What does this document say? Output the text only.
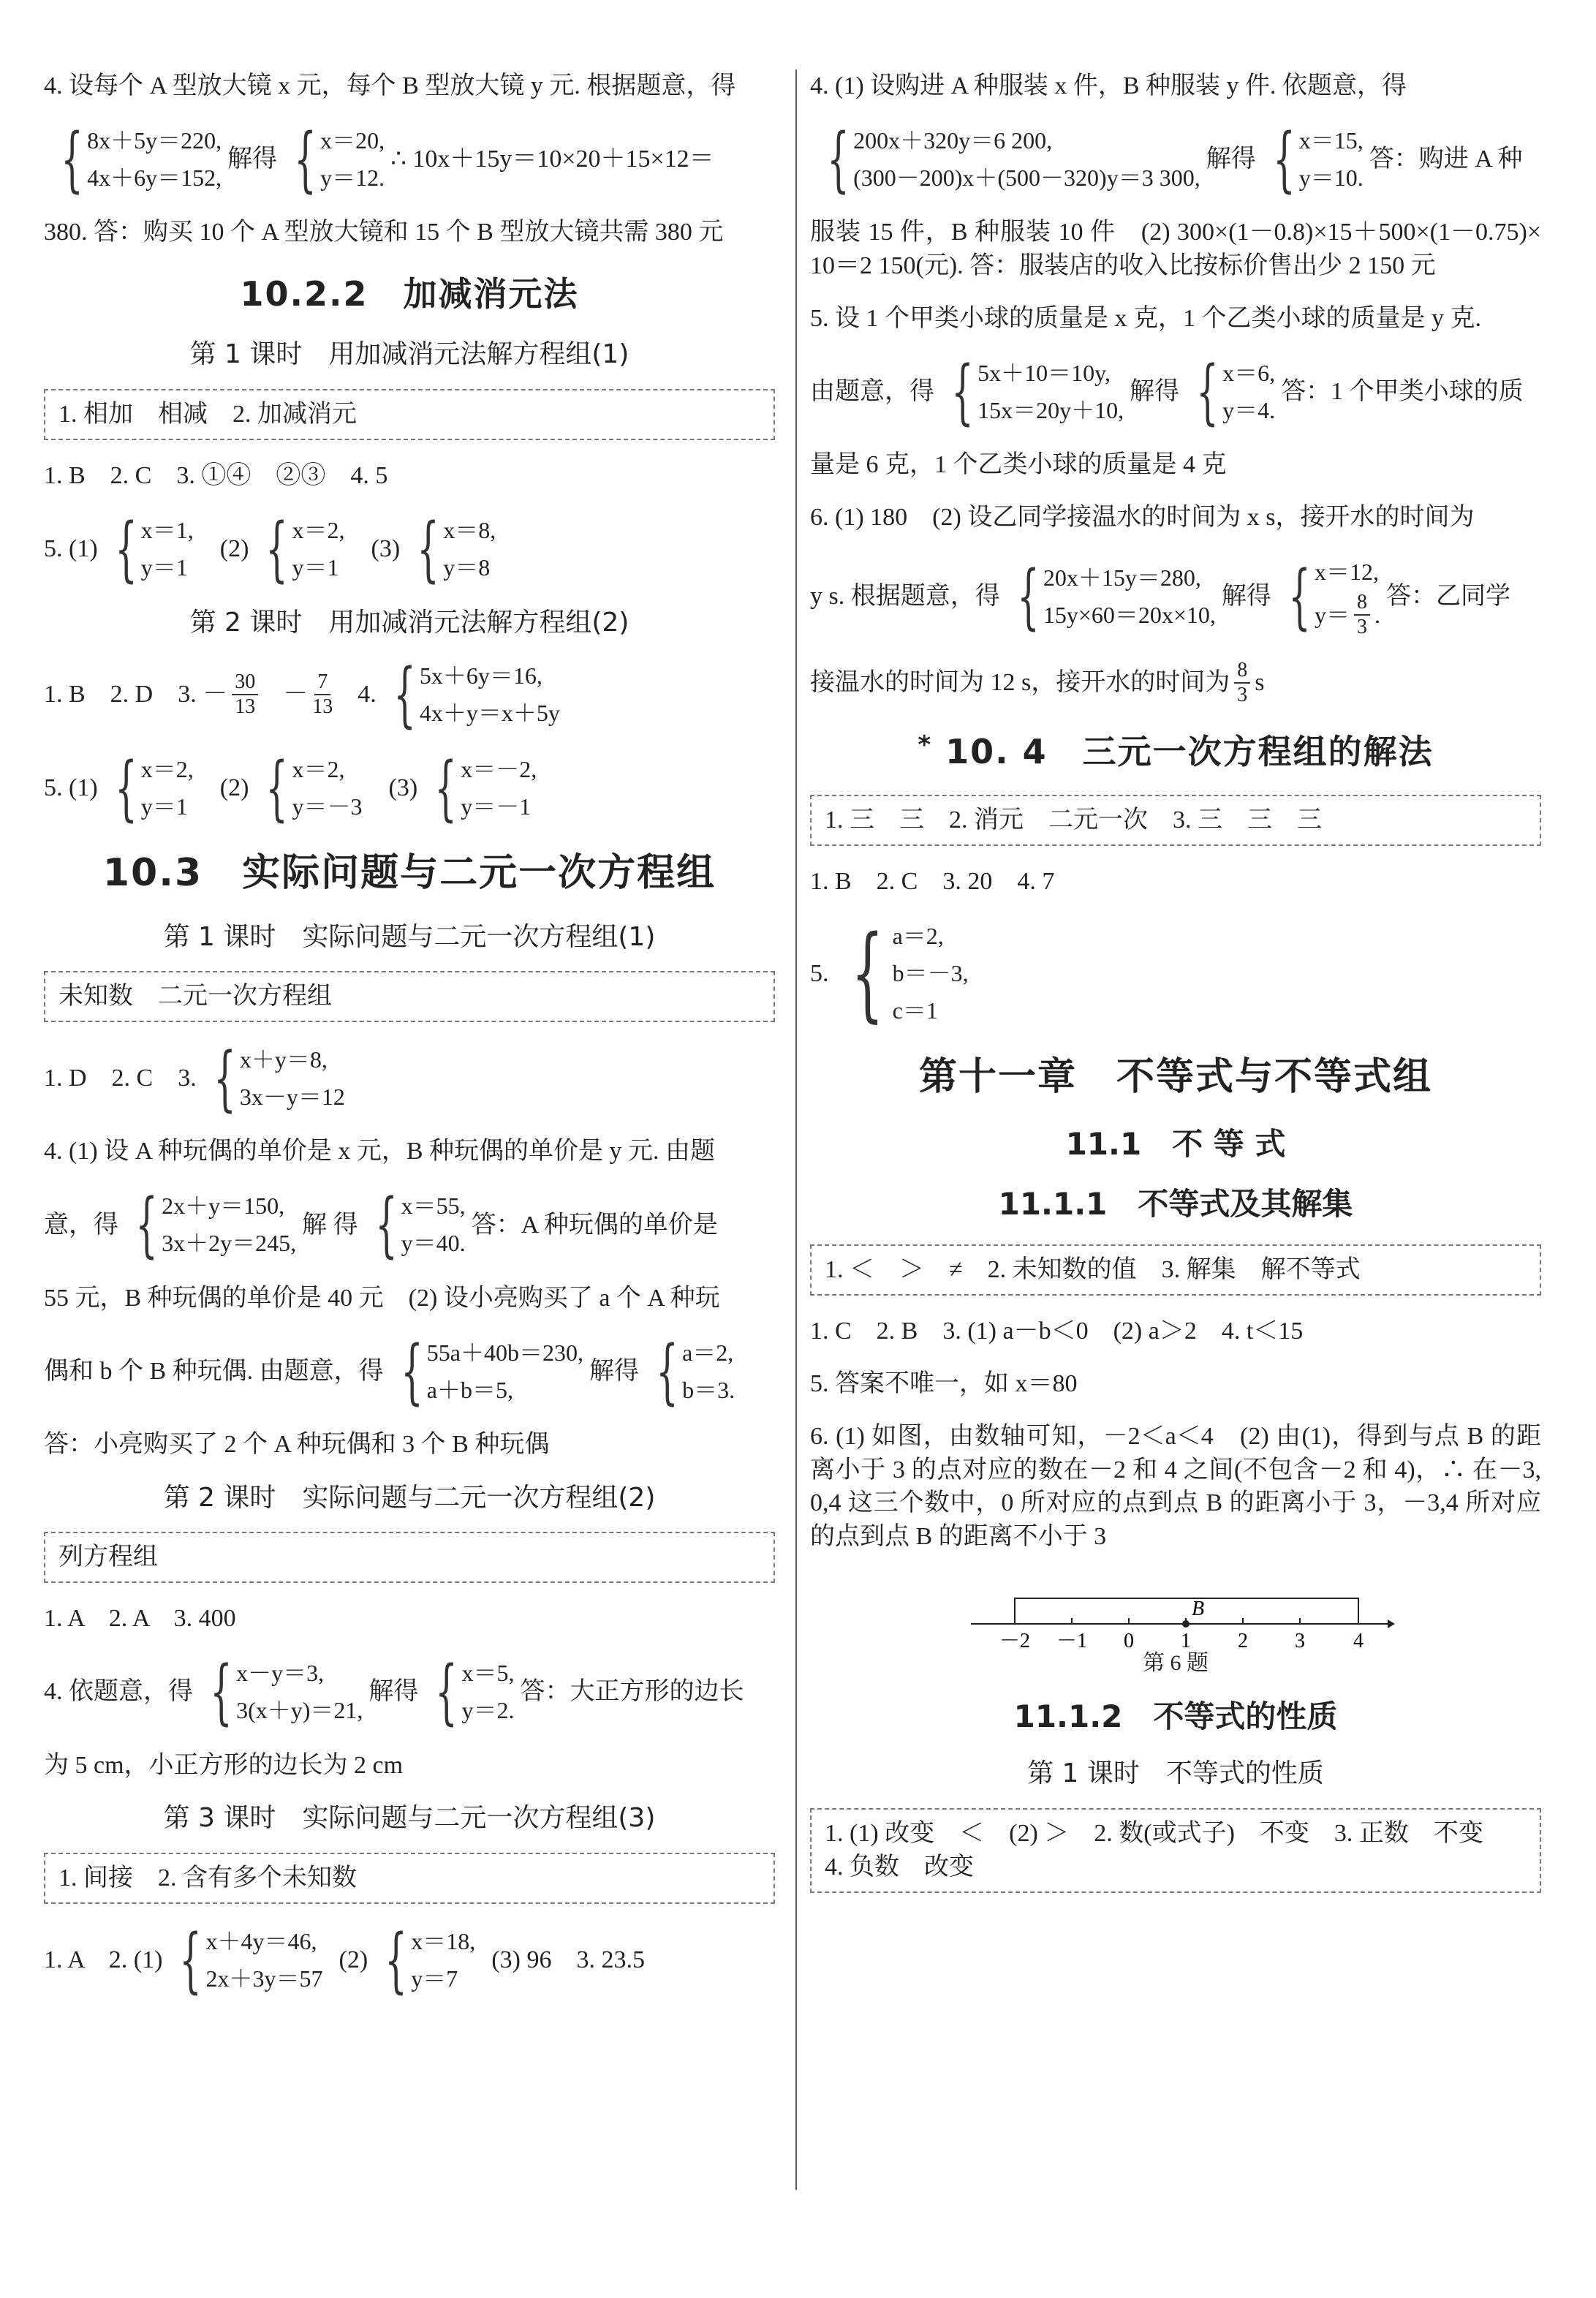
4. 设每个 A 型放大镜 x 元，每个 B 型放大镜 y 元. 根据题意，得

{ 8x＋5y＝220,
4x＋6y＝152,
解得 { x＝20,
y＝12.
∴ 10x＋15y＝10×20＋15×12＝

380. 答：购买 10 个 A 型放大镜和 15 个 B 型放大镜共需 380 元

10.2.2　加减消元法
第 1 课时　用加减消元法解方程组(1)
1. 相加　相减　2. 加减消元

1. B　2. C　3. ①④　②③　4. 5

5. (1) { x＝1,
y＝1
(2) { x＝2,
y＝1
(3) { x＝8,
y＝8
第 2 课时　用加减消元法解方程组(2)
1. B　2. D　3. － $\frac{30}{13} - \frac{7}{13} 4$. { 5x＋6y＝16,
4x＋y＝x＋5y
5. (1) { x＝2,
y＝1
(2) { x＝2,
y＝－3
(3) { x＝－2,
y＝－1
10.3　实际问题与二元一次方程组
第 1 课时　实际问题与二元一次方程组(1)
未知数　二元一次方程组
1. D　2. C　3. { x＋y＝8,
3x－y＝12

4. (1) 设 A 种玩偶的单价是 x 元，B 种玩偶的单价是 y 元. 由题

意，得 { 2x＋y＝150,
3x＋2y＝245,
解 得 { x＝55,
y＝40.
答：A 种玩偶的单价是

55 元，B 种玩偶的单价是 40 元　(2) 设小亮购买了 a 个 A 种玩

偶和 b 个 B 种玩偶. 由题意，得 { 55a＋40b＝230,
a＋b＝5,
解得 { a＝2,
b＝3.

答：小亮购买了 2 个 A 种玩偶和 3 个 B 种玩偶

第 2 课时　实际问题与二元一次方程组(2)
列方程组

1. A　2. A　3. 400

4. 依题意，得 { x－y＝3,
3(x＋y)＝21,
解得 { x＝5,
y＝2.
答：大正方形的边长

为 5 cm，小正方形的边长为 2 cm

第 3 课时　实际问题与二元一次方程组(3)
1. 间接　2. 含有多个未知数
1. A　2. (1) { x＋4y＝46,
2x＋3y＝57
(2) { x＝18,
y＝7
(3) 96　3. 23.5

4. (1) 设购进 A 种服装 x 件，B 种服装 y 件. 依题意，得

{ 200x＋320y＝6 200,
(300－200)x＋(500－320)y＝3 300,
解得 { x＝15,
y＝10.
答：购进 A 种

服装 15 件，B 种服装 10 件　(2) 300×(1－0.8)×15＋500×(1－0.75)×10＝2 150(元). 答：服装店的收入比按标价售出少 2 150 元

5. 设 1 个甲类小球的质量是 x 克，1 个乙类小球的质量是 y 克.

由题意，得 { 5x＋10＝10y,
15x＝20y＋10,
解得 { x＝6,
y＝4.
答：1 个甲类小球的质

量是 6 克，1 个乙类小球的质量是 4 克

6. (1) 180　(2) 设乙同学接温水的时间为 x s，接开水的时间为

y s. 根据题意，得 { 20x＋15y＝280,
15y×60＝20x×10,
解得 { x＝12,
$y= \frac{8}{3}$ .
答：乙同学
接温水的时间为 12 s，接开水的时间为 $\frac{8}{3}$ s
* 10. 4　三元一次方程组的解法
1. 三　三　2. 消元　二元一次　3. 三　三　三

1. B　2. C　3. 20　4. 7

5. { a＝2,
b＝－3,
c＝1
第十一章　不等式与不等式组
11.1　不 等 式
11.1.1　不等式及其解集
1. ＜　＞　≠　2. 未知数的值　3. 解集　解不等式

1. C　2. B　3. (1) a－b＜0　(2) a＞2　4. t＜15

5. 答案不唯一，如 x＝80

6. (1) 如图，由数轴可知，－2＜a＜4　(2) 由(1)，得到与点 B 的距离小于 3 的点对应的数在－2 和 4 之间(不包含－2 和 4)，∴ 在－3,0,4 这三个数中，0 所对应的点到点 B 的距离小于 3，－3,4 所对应的点到点 B 的距离不小于 3

B
－2 －1 0 1 2 3 4
第 6 题
11.1.2　不等式的性质
第 1 课时　不等式的性质
1. (1) 改变　＜　(2) ＞　2. 数(或式子)　不变　3. 正数　不变　4. 负数　改变
